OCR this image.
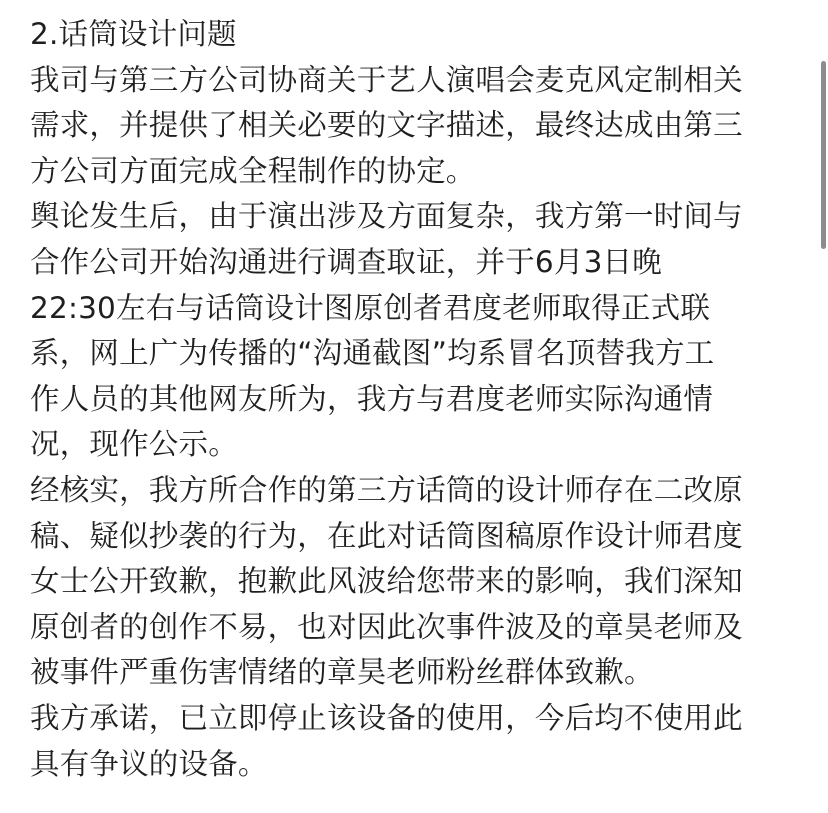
2.话筒设计问题
我司与第三方公司协商关于艺人演唱会麦克风定制相关
需求，并提供了相关必要的文字描述，最终达成由第三
方公司方面完成全程制作的协定。
舆论发生后，由于演出涉及方面复杂，我方第一时间与
合作公司开始沟通进行调查取证，并于6月3日晚
22:30左右与话筒设计图原创者君度老师取得正式联
系，网上广为传播的“沟通截图”均系冒名顶替我方工
作人员的其他网友所为，我方与君度老师实际沟通情
况，现作公示。
经核实，我方所合作的第三方话筒的设计师存在二改原
稿、疑似抄袭的行为，在此对话筒图稿原作设计师君度
女士公开致歉，抱歉此风波给您带来的影响，我们深知
原创者的创作不易，也对因此次事件波及的章昊老师及
被事件严重伤害情绪的章昊老师粉丝群体致歉。
我方承诺，已立即停止该设备的使用，今后均不使用此
具有争议的设备。
